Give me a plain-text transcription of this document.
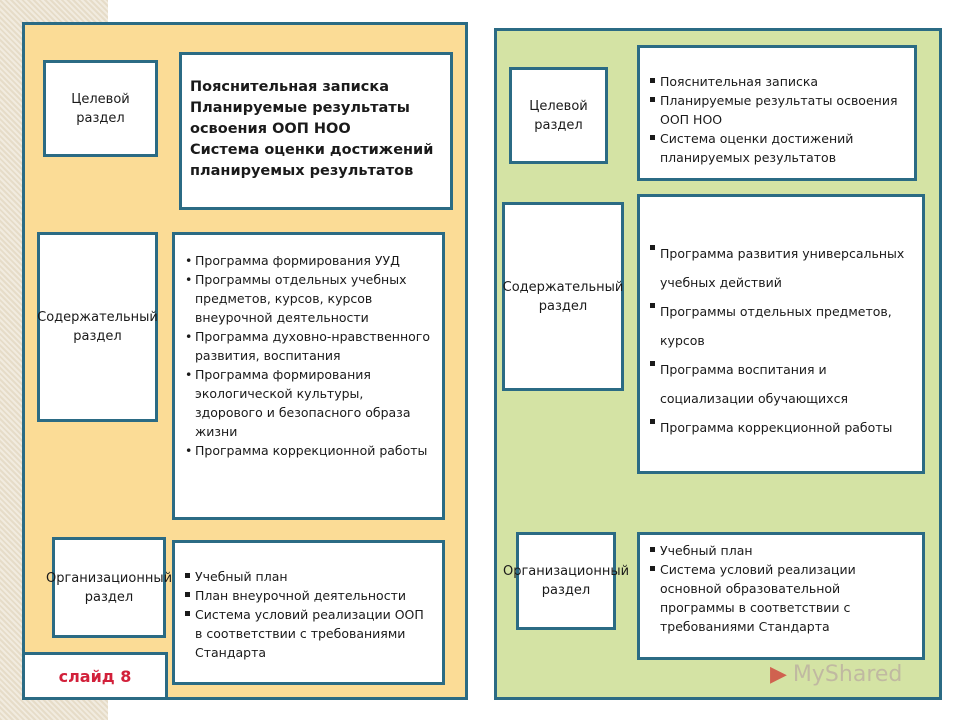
Целевой раздел
Пояснительная записка
Планируемые результаты
освоения ООП НОО
Система оценки достижений
планируемых результатов
Содержательный раздел
• Программа формирования УУД
• Программы отдельных учебных предметов, курсов, курсов внеурочной деятельности
• Программа духовно-нравственного развития, воспитания
• Программа формирования экологической культуры, здорового и безопасного образа жизни
• Программа коррекционной работы
Организационный раздел
Учебный план
План внеурочной деятельности
Система условий реализации ООП в соответствии с требованиями Стандарта
слайд 8
Целевой раздел
Пояснительная записка
Планируемые результаты освоения ООП НОО
Система оценки достижений планируемых результатов
Содержательный раздел
Программа развития универсальных учебных действий
Программы отдельных предметов, курсов
Программа воспитания и социализации обучающихся
Программа коррекционной работы
Организационный раздел
Учебный план
Система условий реализации основной образовательной программы в соответствии с требованиями Стандарта
▶ MyShared
